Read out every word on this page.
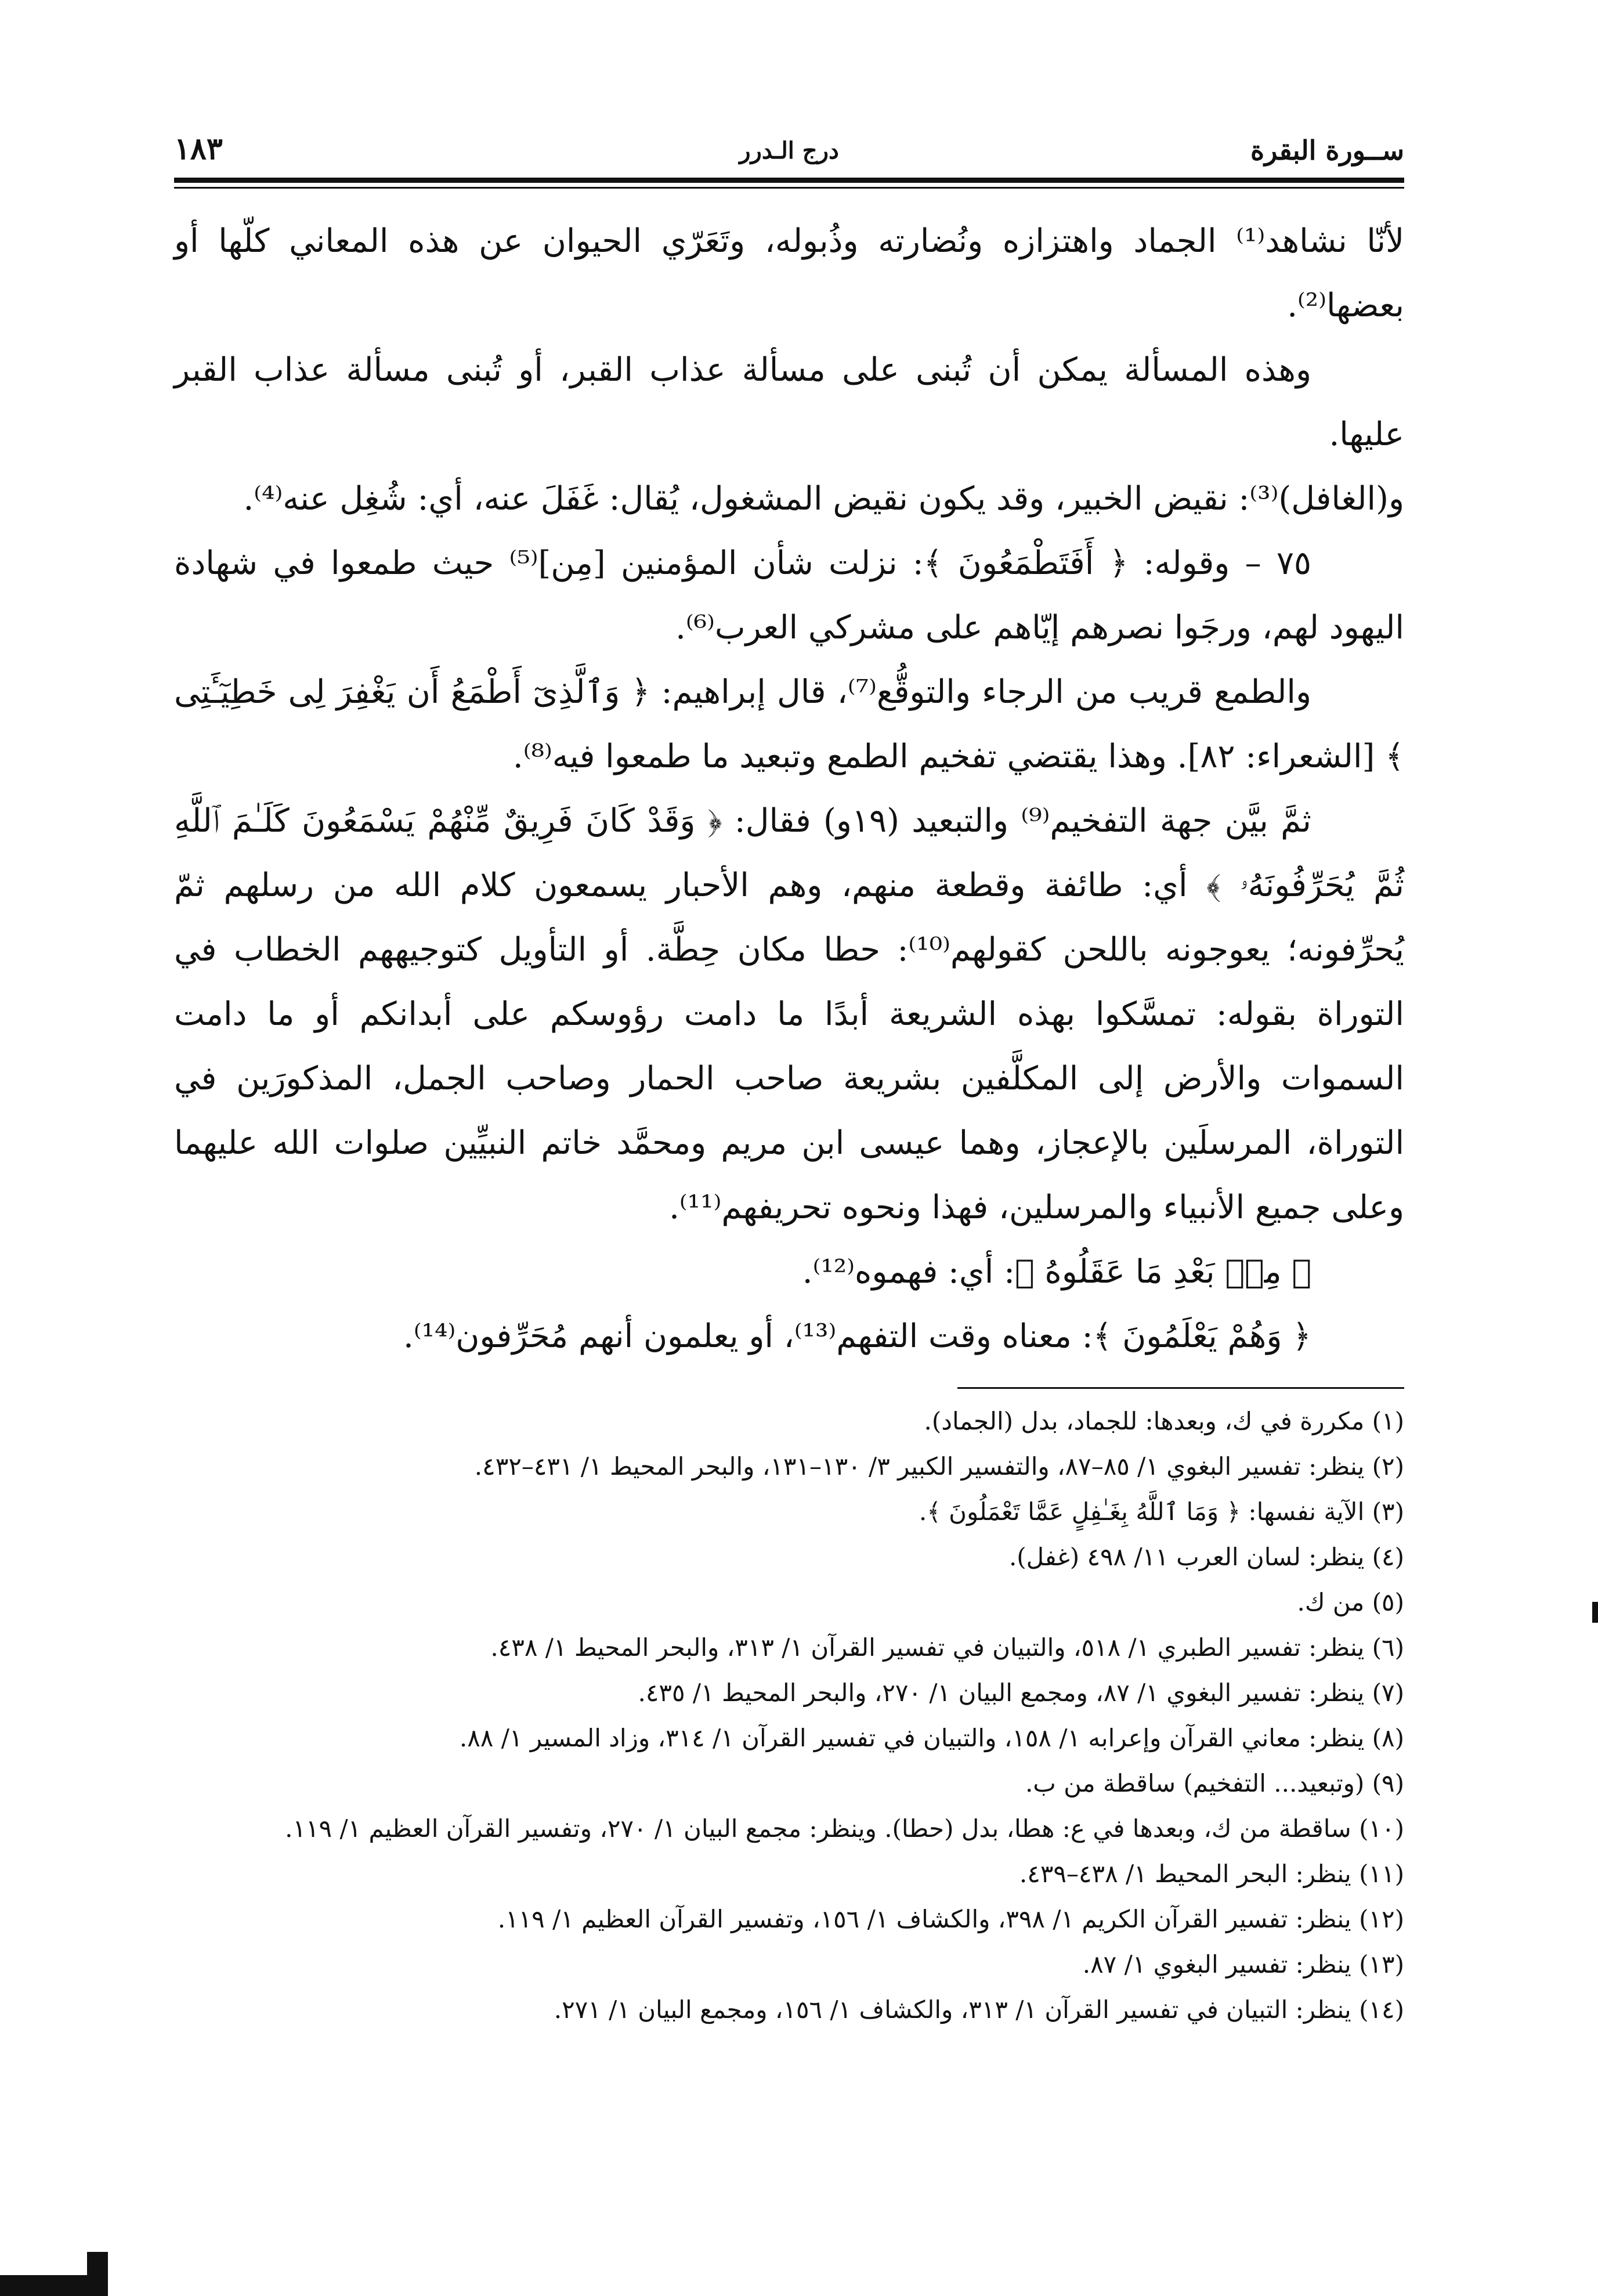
ســورة البقرة
درج الـدرر
١٨٣

لأنّا نشاهد⁽¹⁾ الجماد واهتزازه ونُضارته وذُبوله، وتَعَرّي الحيوان عن هذه المعاني كلّها أو بعضها⁽²⁾.

وهذه المسألة يمكن أن تُبنى على مسألة عذاب القبر، أو تُبنى مسألة عذاب القبر عليها.

و(الغافل)⁽³⁾: نقيض الخبير، وقد يكون نقيض المشغول، يُقال: غَفَلَ عنه، أي: شُغِل عنه⁽⁴⁾.

٧٥ – وقوله: ﴿ أَفَتَطْمَعُونَ ﴾: نزلت شأن المؤمنين [مِن]⁽⁵⁾ حيث طمعوا في شهادة اليهود لهم، ورجَوا نصرهم إيّاهم على مشركي العرب⁽⁶⁾.

والطمع قريب من الرجاء والتوقُّع⁽⁷⁾، قال إبراهيم: ﴿ وَٱلَّذِىٓ أَطْمَعُ أَن يَغْفِرَ لِى خَطِيٓـَٔتِى ﴾ [الشعراء: ٨٢]. وهذا يقتضي تفخيم الطمع وتبعيد ما طمعوا فيه⁽⁸⁾.

ثمَّ بيَّن جهة التفخيم⁽⁹⁾ والتبعيد (١٩و) فقال: ﴿ وَقَدْ كَانَ فَرِيقٌ مِّنْهُمْ يَسْمَعُونَ كَلَـٰمَ ٱللَّهِ ثُمَّ يُحَرِّفُونَهُۥ ﴾ أي: طائفة وقطعة منهم، وهم الأحبار يسمعون كلام الله من رسلهم ثمّ يُحرِّفونه؛ يعوجونه باللحن كقولهم⁽¹⁰⁾: حطا مكان حِطَّة. أو التأويل كتوجيههم الخطاب في التوراة بقوله: تمسَّكوا بهذه الشريعة أبدًا ما دامت رؤوسكم على أبدانكم أو ما دامت السموات والأرض إلى المكلَّفين بشريعة صاحب الحمار وصاحب الجمل، المذكورَين في التوراة، المرسلَين بالإعجاز، وهما عيسى ابن مريم ومحمَّد خاتم النبيِّين صلوات الله عليهما وعلى جميع الأنبياء والمرسلين، فهذا ونحوه تحريفهم⁽¹¹⁾.

﴿ مِنۢ بَعْدِ مَا عَقَلُوهُ ﴾: أي: فهموه⁽¹²⁾.

﴿ وَهُمْ يَعْلَمُونَ ﴾: معناه وقت التفهم⁽¹³⁾، أو يعلمون أنهم مُحَرِّفون⁽¹⁴⁾.

(١) مكررة في ك، وبعدها: للجماد، بدل (الجماد).
(٢) ينظر: تفسير البغوي ١/ ٨٥–٨٧، والتفسير الكبير ٣/ ١٣٠–١٣١، والبحر المحيط ١/ ٤٣١–٤٣٢.
(٣) الآية نفسها: ﴿ وَمَا ٱللَّهُ بِغَـٰفِلٍ عَمَّا تَعْمَلُونَ ﴾.
(٤) ينظر: لسان العرب ١١/ ٤٩٨ (غفل).
(٥) من ك.
(٦) ينظر: تفسير الطبري ١/ ٥١٨، والتبيان في تفسير القرآن ١/ ٣١٣، والبحر المحيط ١/ ٤٣٨.
(٧) ينظر: تفسير البغوي ١/ ٨٧، ومجمع البيان ١/ ٢٧٠، والبحر المحيط ١/ ٤٣٥.
(٨) ينظر: معاني القرآن وإعرابه ١/ ١٥٨، والتبيان في تفسير القرآن ١/ ٣١٤، وزاد المسير ١/ ٨٨.
(٩) (وتبعيد... التفخيم) ساقطة من ب.
(١٠) ساقطة من ك، وبعدها في ع: هطا، بدل (حطا). وينظر: مجمع البيان ١/ ٢٧٠، وتفسير القرآن العظيم ١/ ١١٩.
(١١) ينظر: البحر المحيط ١/ ٤٣٨–٤٣٩.
(١٢) ينظر: تفسير القرآن الكريم ١/ ٣٩٨، والكشاف ١/ ١٥٦، وتفسير القرآن العظيم ١/ ١١٩.
(١٣) ينظر: تفسير البغوي ١/ ٨٧.
(١٤) ينظر: التبيان في تفسير القرآن ١/ ٣١٣، والكشاف ١/ ١٥٦، ومجمع البيان ١/ ٢٧١.
